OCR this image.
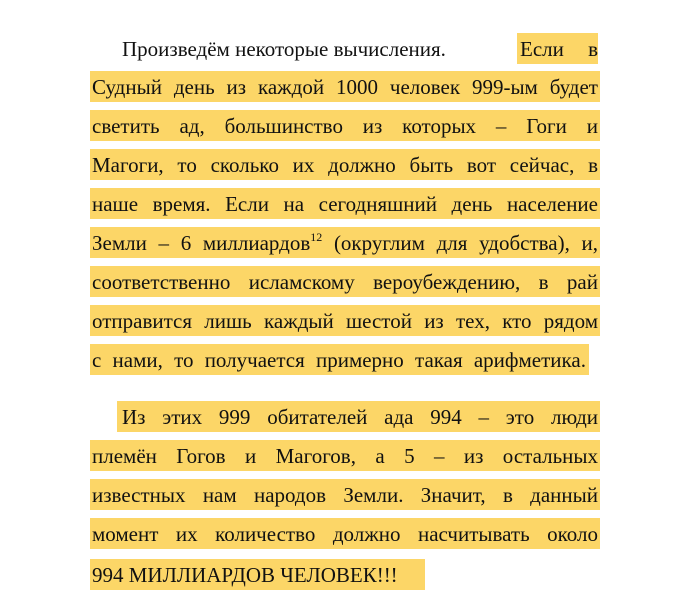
Произведём некоторые вычисления.	Если в
Судный день из каждой 1000 человек 999-ым будет
светить ад, большинство из которых – Гоги и
Магоги, то сколько их должно быть вот сейчас, в
наше время. Если на сегодняшний день население
Земли – 6 миллиардов$^{12}$ (округлим для удобства), и,
соответственно исламскому вероубеждению, в рай
отправится лишь каждый шестой из тех, кто рядом
с нами, то получается примерно такая арифметика.
Из этих 999 обитателей ада 994 – это люди
племён Гогов и Магогов, а 5 – из остальных
известных нам народов Земли. Значит, в данный
момент их количество должно насчитывать около
994 МИЛЛИАРДОВ ЧЕЛОВЕК!!!
